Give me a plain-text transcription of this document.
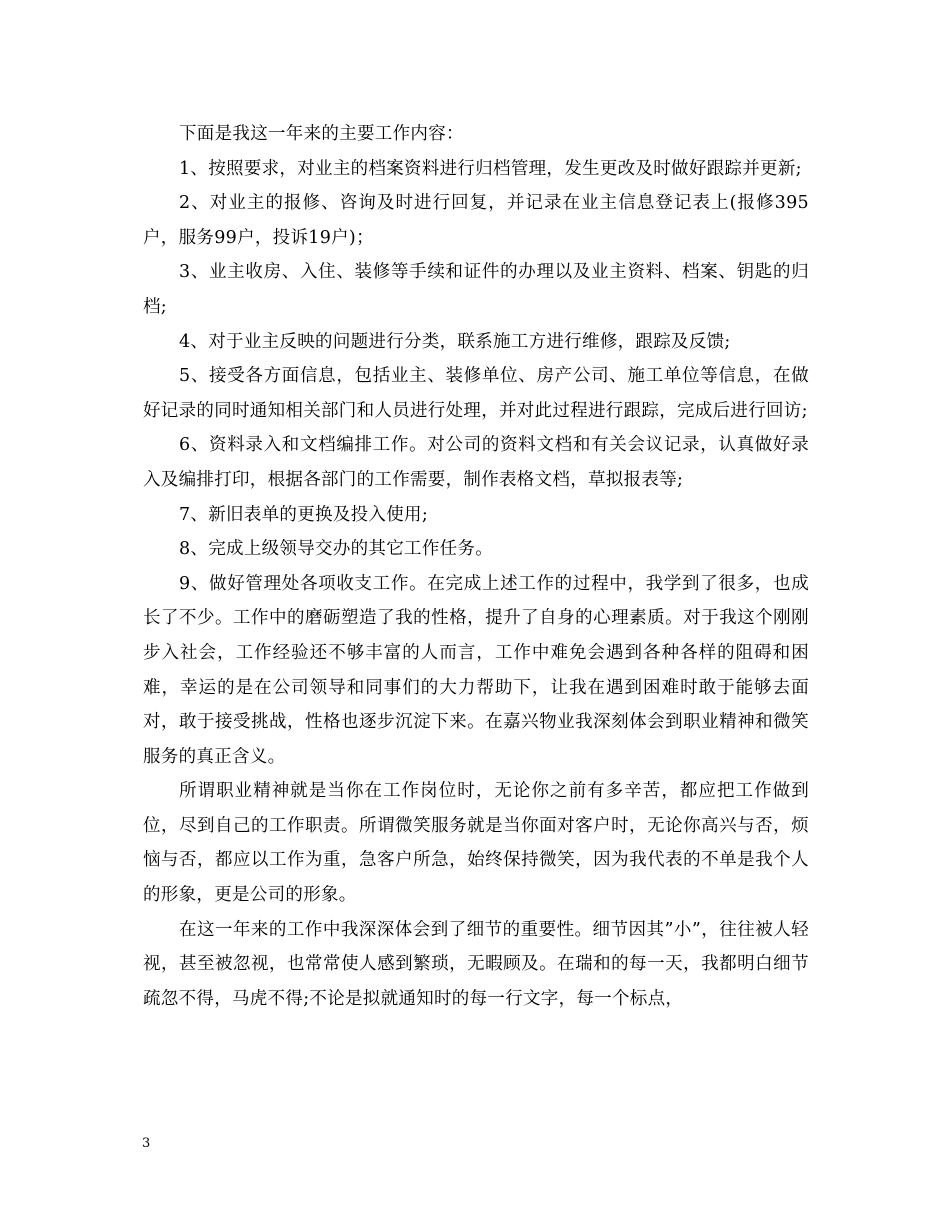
下面是我这一年来的主要工作内容：

1、按照要求，对业主的档案资料进行归档管理，发生更改及时做好跟踪并更新;

2、对业主的报修、咨询及时进行回复，并记录在业主信息登记表上(报修395户，服务99户，投诉19户)；

3、业主收房、入住、装修等手续和证件的办理以及业主资料、档案、钥匙的归档;

4、对于业主反映的问题进行分类，联系施工方进行维修，跟踪及反馈;

5、接受各方面信息，包括业主、装修单位、房产公司、施工单位等信息，在做好记录的同时通知相关部门和人员进行处理，并对此过程进行跟踪，完成后进行回访;

6、资料录入和文档编排工作。对公司的资料文档和有关会议记录，认真做好录入及编排打印，根据各部门的工作需要，制作表格文档，草拟报表等;

7、新旧表单的更换及投入使用;

8、完成上级领导交办的其它工作任务。

9、做好管理处各项收支工作。在完成上述工作的过程中，我学到了很多，也成长了不少。工作中的磨砺塑造了我的性格，提升了自身的心理素质。对于我这个刚刚步入社会，工作经验还不够丰富的人而言，工作中难免会遇到各种各样的阻碍和困难，幸运的是在公司领导和同事们的大力帮助下，让我在遇到困难时敢于能够去面对，敢于接受挑战，性格也逐步沉淀下来。在嘉兴物业我深刻体会到职业精神和微笑服务的真正含义。

所谓职业精神就是当你在工作岗位时，无论你之前有多辛苦，都应把工作做到位，尽到自己的工作职责。所谓微笑服务就是当你面对客户时，无论你高兴与否，烦恼与否，都应以工作为重，急客户所急，始终保持微笑，因为我代表的不单是我个人的形象，更是公司的形象。

在这一年来的工作中我深深体会到了细节的重要性。细节因其”小”，往往被人轻视，甚至被忽视，也常常使人感到繁琐，无暇顾及。在瑞和的每一天，我都明白细节疏忽不得，马虎不得;不论是拟就通知时的每一行文字，每一个标点，

3
